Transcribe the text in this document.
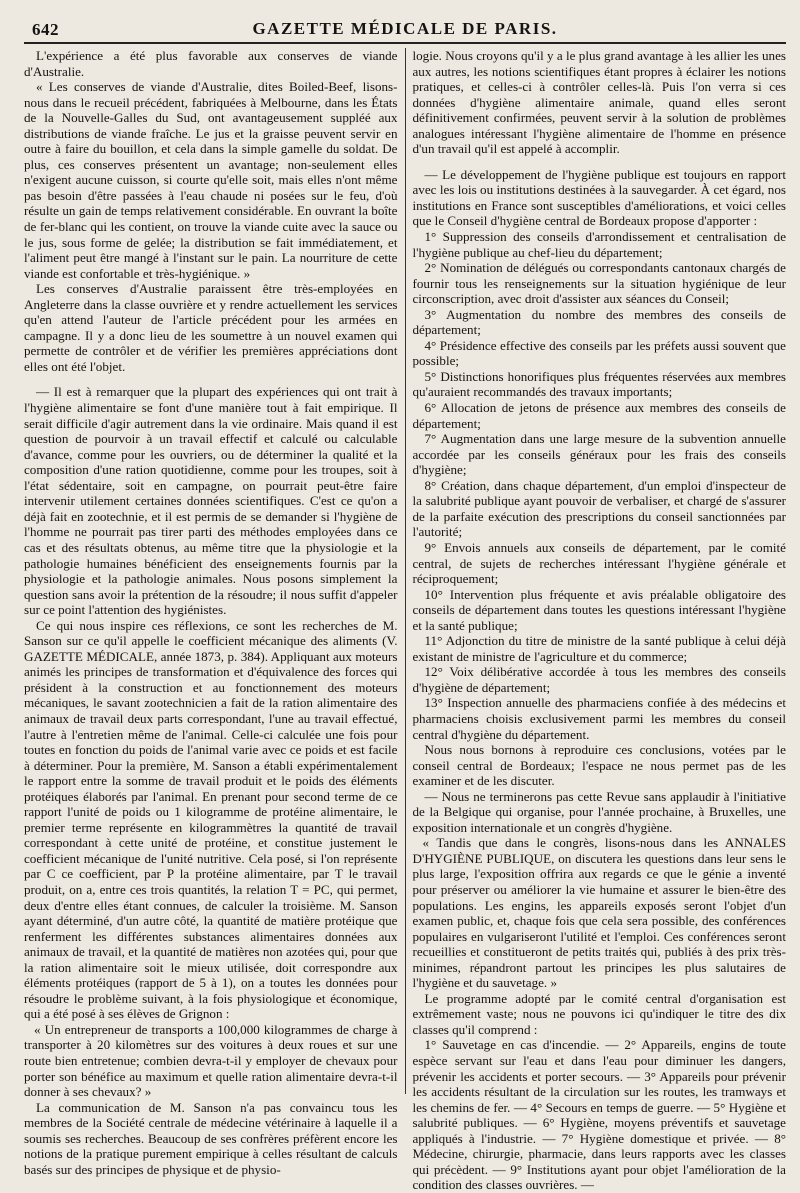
642	GAZETTE MÉDICALE DE PARIS.

L'expérience a été plus favorable aux conserves de viande d'Australie.

« Les conserves de viande d'Australie, dites Boiled-Beef, lisons-nous dans le recueil précédent, fabriquées à Melbourne, dans les États de la Nouvelle-Galles du Sud, ont avantageusement suppléé aux distributions de viande fraîche. Le jus et la graisse peuvent servir en outre à faire du bouillon, et cela dans la simple gamelle du soldat. De plus, ces conserves présentent un avantage; non-seulement elles n'exigent aucune cuisson, si courte qu'elle soit, mais elles n'ont même pas besoin d'être passées à l'eau chaude ni posées sur le feu, d'où résulte un gain de temps relativement considérable. En ouvrant la boîte de fer-blanc qui les contient, on trouve la viande cuite avec la sauce ou le jus, sous forme de gelée; la distribution se fait immédiatement, et l'aliment peut être mangé à l'instant sur le pain. La nourriture de cette viande est confortable et très-hygiénique. »

Les conserves d'Australie paraissent être très-employées en Angleterre dans la classe ouvrière et y rendre actuellement les services qu'en attend l'auteur de l'article précédent pour les armées en campagne. Il y a donc lieu de les soumettre à un nouvel examen qui permette de contrôler et de vérifier les premières appréciations dont elles ont été l'objet.

— Il est à remarquer que la plupart des expériences qui ont trait à l'hygiène alimentaire se font d'une manière tout à fait empirique. Il serait difficile d'agir autrement dans la vie ordinaire. Mais quand il est question de pourvoir à un travail effectif et calculé ou calculable d'avance, comme pour les ouvriers, ou de déterminer la qualité et la composition d'une ration quotidienne, comme pour les troupes, soit à l'état sédentaire, soit en campagne, on pourrait peut-être faire intervenir utilement certaines données scientifiques. C'est ce qu'on a déjà fait en zootechnie, et il est permis de se demander si l'hygiène de l'homme ne pourrait pas tirer parti des méthodes employées dans ce cas et des résultats obtenus, au même titre que la physiologie et la pathologie humaines bénéficient des enseignements fournis par la physiologie et la pathologie animales. Nous posons simplement la question sans avoir la prétention de la résoudre; il nous suffit d'appeler sur ce point l'attention des hygiénistes.

Ce qui nous inspire ces réflexions, ce sont les recherches de M. Sanson sur ce qu'il appelle le coefficient mécanique des aliments (V. GAZETTE MÉDICALE, année 1873, p. 384). Appliquant aux moteurs animés les principes de transformation et d'équivalence des forces qui président à la construction et au fonctionnement des moteurs mécaniques, le savant zootechnicien a fait de la ration alimentaire des animaux de travail deux parts correspondant, l'une au travail effectué, l'autre à l'entretien même de l'animal. Celle-ci calculée une fois pour toutes en fonction du poids de l'animal varie avec ce poids et est facile à déterminer. Pour la première, M. Sanson a établi expérimentalement le rapport entre la somme de travail produit et le poids des éléments protéiques élaborés par l'animal. En prenant pour second terme de ce rapport l'unité de poids ou 1 kilogramme de protéine alimentaire, le premier terme représente en kilogrammètres la quantité de travail correspondant à cette unité de protéine, et constitue justement le coefficient mécanique de l'unité nutritive. Cela posé, si l'on représente par C ce coefficient, par P la protéine alimentaire, par T le travail produit, on a, entre ces trois quantités, la relation T = PC, qui permet, deux d'entre elles étant connues, de calculer la troisième. M. Sanson ayant déterminé, d'un autre côté, la quantité de matière protéique que renferment les différentes substances alimentaires données aux animaux de travail, et la quantité de matières non azotées qui, pour que la ration alimentaire soit le mieux utilisée, doit correspondre aux éléments protéiques (rapport de 5 à 1), on a toutes les données pour résoudre le problème suivant, à la fois physiologique et économique, qui a été posé à ses élèves de Grignon :

« Un entrepreneur de transports a 100,000 kilogrammes de charge à transporter à 20 kilomètres sur des voitures à deux roues et sur une route bien entretenue; combien devra-t-il y employer de chevaux pour porter son bénéfice au maximum et quelle ration alimentaire devra-t-il donner à ses chevaux? »

La communication de M. Sanson n'a pas convaincu tous les membres de la Société centrale de médecine vétérinaire à laquelle il a soumis ses recherches. Beaucoup de ses confrères préfèrent encore les notions de la pratique purement empirique à celles résultant de calculs basés sur des principes de physique et de physio-

logie. Nous croyons qu'il y a le plus grand avantage à les allier les unes aux autres, les notions scientifiques étant propres à éclairer les notions pratiques, et celles-ci à contrôler celles-là. Puis l'on verra si ces données d'hygiène alimentaire animale, quand elles seront définitivement confirmées, peuvent servir à la solution de problèmes analogues intéressant l'hygiène alimentaire de l'homme en présence d'un travail qu'il est appelé à accomplir.

— Le développement de l'hygiène publique est toujours en rapport avec les lois ou institutions destinées à la sauvegarder. À cet égard, nos institutions en France sont susceptibles d'améliorations, et voici celles que le Conseil d'hygiène central de Bordeaux propose d'apporter :

1° Suppression des conseils d'arrondissement et centralisation de l'hygiène publique au chef-lieu du département;

2° Nomination de délégués ou correspondants cantonaux chargés de fournir tous les renseignements sur la situation hygiénique de leur circonscription, avec droit d'assister aux séances du Conseil;

3° Augmentation du nombre des membres des conseils de département;

4° Présidence effective des conseils par les préfets aussi souvent que possible;

5° Distinctions honorifiques plus fréquentes réservées aux membres qu'auraient recommandés des travaux importants;

6° Allocation de jetons de présence aux membres des conseils de département;

7° Augmentation dans une large mesure de la subvention annuelle accordée par les conseils généraux pour les frais des conseils d'hygiène;

8° Création, dans chaque département, d'un emploi d'inspecteur de la salubrité publique ayant pouvoir de verbaliser, et chargé de s'assurer de la parfaite exécution des prescriptions du conseil sanctionnées par l'autorité;

9° Envois annuels aux conseils de département, par le comité central, de sujets de recherches intéressant l'hygiène générale et réciproquement;

10° Intervention plus fréquente et avis préalable obligatoire des conseils de département dans toutes les questions intéressant l'hygiène et la santé publique;

11° Adjonction du titre de ministre de la santé publique à celui déjà existant de ministre de l'agriculture et du commerce;

12° Voix délibérative accordée à tous les membres des conseils d'hygiène de département;

13° Inspection annuelle des pharmaciens confiée à des médecins et pharmaciens choisis exclusivement parmi les membres du conseil central d'hygiène du département.

Nous nous bornons à reproduire ces conclusions, votées par le conseil central de Bordeaux; l'espace ne nous permet pas de les examiner et de les discuter.

— Nous ne terminerons pas cette Revue sans applaudir à l'initiative de la Belgique qui organise, pour l'année prochaine, à Bruxelles, une exposition internationale et un congrès d'hygiène.

« Tandis que dans le congrès, lisons-nous dans les ANNALES D'HYGIÈNE PUBLIQUE, on discutera les questions dans leur sens le plus large, l'exposition offrira aux regards ce que le génie a inventé pour préserver ou améliorer la vie humaine et assurer le bien-être des populations. Les engins, les appareils exposés seront l'objet d'un examen public, et, chaque fois que cela sera possible, des conférences populaires en vulgariseront l'utilité et l'emploi. Ces conférences seront recueillies et constitueront de petits traités qui, publiés à des prix très-minimes, répandront partout les principes les plus salutaires de l'hygiène et du sauvetage. »

Le programme adopté par le comité central d'organisation est extrêmement vaste; nous ne pouvons ici qu'indiquer le titre des dix classes qu'il comprend :

1° Sauvetage en cas d'incendie. — 2° Appareils, engins de toute espèce servant sur l'eau et dans l'eau pour diminuer les dangers, prévenir les accidents et porter secours. — 3° Appareils pour prévenir les accidents résultant de la circulation sur les routes, les tramways et les chemins de fer. — 4° Secours en temps de guerre. — 5° Hygiène et salubrité publiques. — 6° Hygiène, moyens préventifs et sauvetage appliqués à l'industrie. — 7° Hygiène domestique et privée. — 8° Médecine, chirurgie, pharmacie, dans leurs rapports avec les classes qui précèdent. — 9° Institutions ayant pour objet l'amélioration de la condition des classes ouvrières. —
